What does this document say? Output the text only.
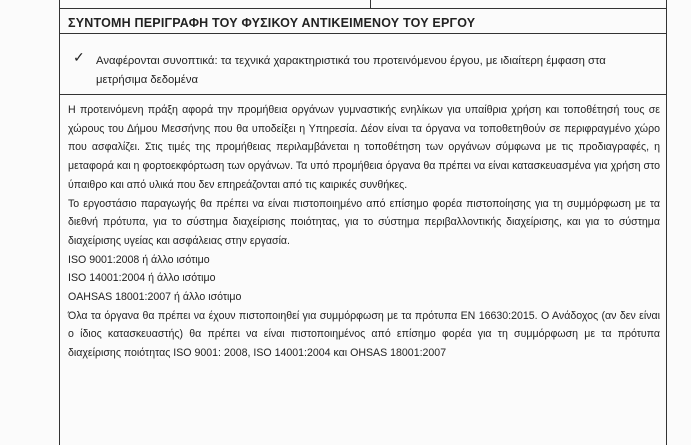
ΣΥΝΤΟΜΗ ΠΕΡΙΓΡΑΦΗ ΤΟΥ ΦΥΣΙΚΟΥ ΑΝΤΙΚΕΙΜΕΝΟΥ ΤΟΥ ΕΡΓΟΥ
✓ Αναφέρονται συνοπτικά: τα τεχνικά χαρακτηριστικά του προτεινόμενου έργου, με ιδιαίτερη έμφαση στα μετρήσιμα δεδομένα

Η προτεινόμενη πράξη αφορά την προμήθεια οργάνων γυμναστικής ενηλίκων για υπαίθρια χρήση και τοποθέτησή τους σε χώρους του Δήμου Μεσσήνης που θα υποδείξει η Υπηρεσία. Δέον είναι τα όργανα να τοποθετηθούν σε περιφραγμένο χώρο που ασφαλίζει. Στις τιμές της προμήθειας περιλαμβάνεται η τοποθέτηση των οργάνων σύμφωνα με τις προδιαγραφές, η μεταφορά και η φορτοεκφόρτωση των οργάνων. Τα υπό προμήθεια όργανα θα πρέπει να είναι κατασκευασμένα για χρήση στο ύπαιθρο και από υλικά που δεν επηρεάζονται από τις καιρικές συνθήκες.

Το εργοστάσιο παραγωγής θα πρέπει να είναι πιστοποιημένο από επίσημο φορέα πιστοποίησης για τη συμμόρφωση με τα διεθνή πρότυπα, για το σύστημα διαχείρισης ποιότητας, για το σύστημα περιβαλλοντικής διαχείρισης, και για το σύστημα διαχείρισης υγείας και ασφάλειας στην εργασία.

ISO 9001:2008 ή άλλο ισότιμο

ISO 14001:2004 ή άλλο ισότιμο

OAHSAS 18001:2007 ή άλλο ισότιμο

Όλα τα όργανα θα πρέπει να έχουν πιστοποιηθεί για συμμόρφωση με τα πρότυπα EN 16630:2015. Ο Ανάδοχος (αν δεν είναι ο ίδιος κατασκευαστής) θα πρέπει να είναι πιστοποιημένος από επίσημο φορέα για τη συμμόρφωση με τα πρότυπα διαχείρισης ποιότητας ISO 9001: 2008, ISO 14001:2004 και OHSAS 18001:2007
